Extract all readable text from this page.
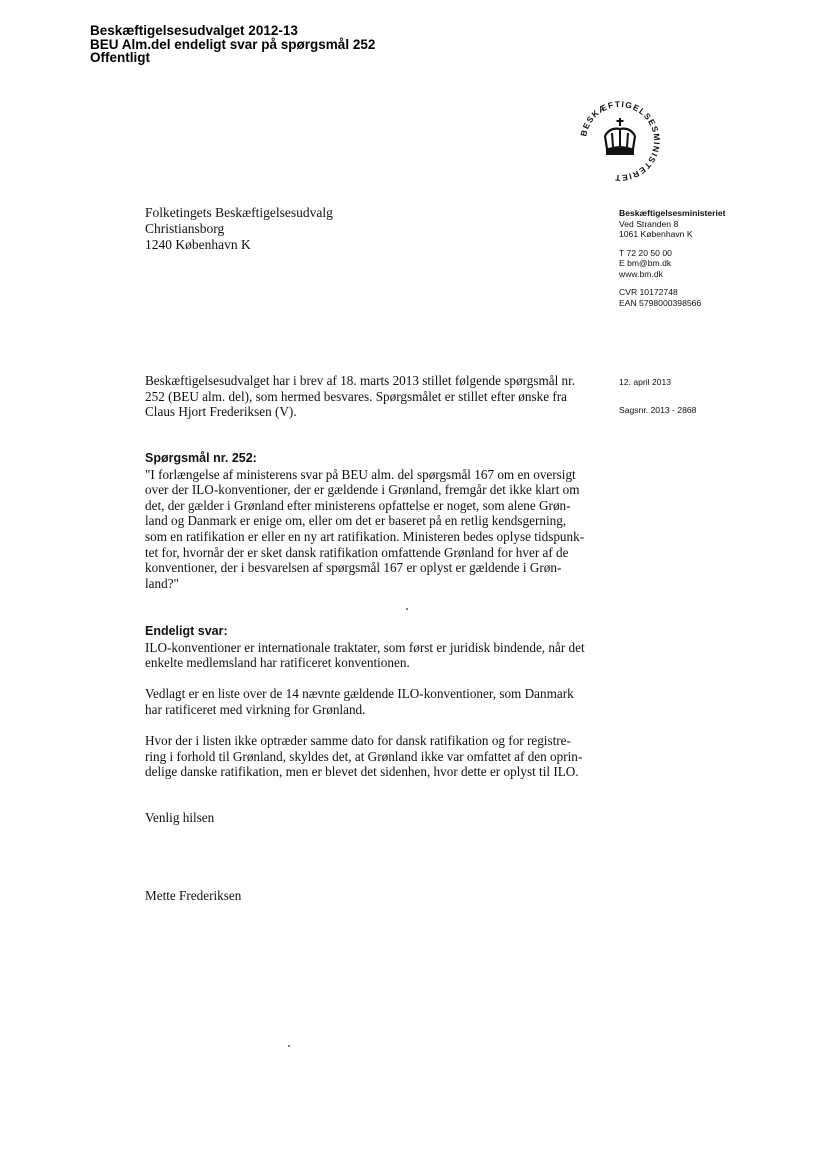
Beskæftigelsesudvalget 2012-13
BEU Alm.del endeligt svar på spørgsmål 252
Offentligt
BESKÆFTIGELSESMINISTERIET
Folketingets Beskæftigelsesudvalg
Christiansborg
1240 København K
Beskæftigelsesministeriet
Ved Stranden 8
1061 København K
T 72 20 50 00
E bm@bm.dk
www.bm.dk
CVR 10172748
EAN 5798000398566
12. april 2013
Sagsnr. 2013 - 2868
Beskæftigelsesudvalget har i brev af 18. marts 2013 stillet følgende spørgsmål nr.
252 (BEU alm. del), som hermed besvares. Spørgsmålet er stillet efter ønske fra
Claus Hjort Frederiksen (V).
Spørgsmål nr. 252:
"I forlængelse af ministerens svar på BEU alm. del spørgsmål 167 om en oversigt
over der ILO-konventioner, der er gældende i Grønland, fremgår det ikke klart om
det, der gælder i Grønland efter ministerens opfattelse er noget, som alene Grøn-
land og Danmark er enige om, eller om det er baseret på en retlig kendsgerning,
som en ratifikation er eller en ny art ratifikation. Ministeren bedes oplyse tidspunk-
tet for, hvornår der er sket dansk ratifikation omfattende Grønland for hver af de
konventioner, der i besvarelsen af spørgsmål 167 er oplyst er gældende i Grøn-
land?"
Endeligt svar:
ILO-konventioner er internationale traktater, som først er juridisk bindende, når det
enkelte medlemsland har ratificeret konventionen.
Vedlagt er en liste over de 14 nævnte gældende ILO-konventioner, som Danmark
har ratificeret med virkning for Grønland.
Hvor der i listen ikke optræder samme dato for dansk ratifikation og for registre-
ring i forhold til Grønland, skyldes det, at Grønland ikke var omfattet af den oprin-
delige danske ratifikation, men er blevet det sidenhen, hvor dette er oplyst til ILO.
Venlig hilsen
Mette Frederiksen
